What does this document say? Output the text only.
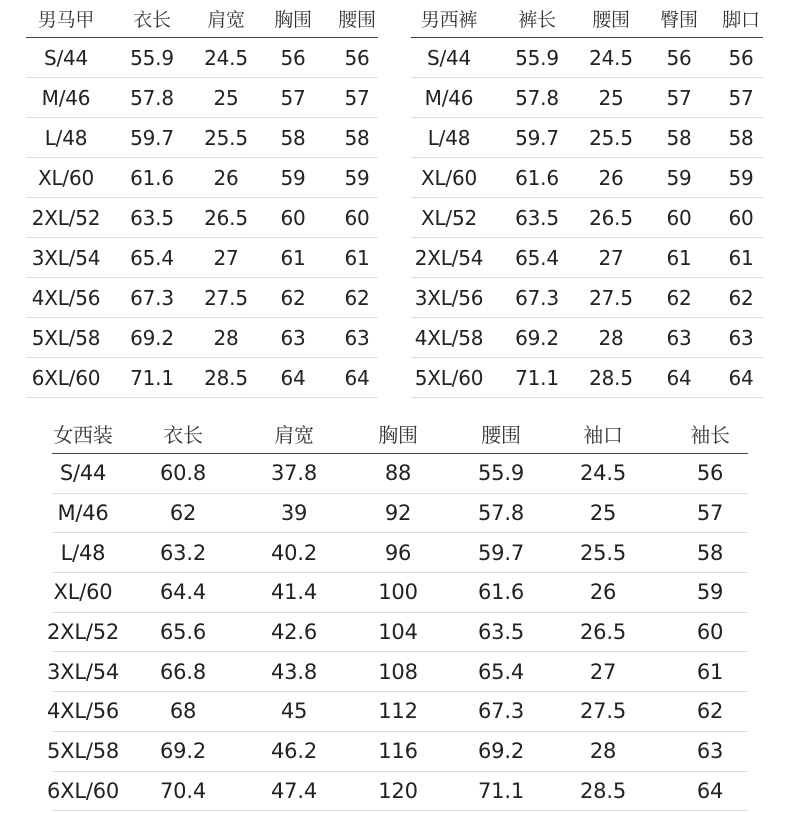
男马甲	衣长	肩宽	胸围	腰围
S/44	55.9	24.5	56	56
M/46	57.8	25	57	57
L/48	59.7	25.5	58	58
XL/60	61.6	26	59	59
2XL/52	63.5	26.5	60	60
3XL/54	65.4	27	61	61
4XL/56	67.3	27.5	62	62
5XL/58	69.2	28	63	63
6XL/60	71.1	28.5	64	64
男西裤	裤长	腰围	臀围	脚口
S/44	55.9	24.5	56	56
M/46	57.8	25	57	57
L/48	59.7	25.5	58	58
XL/60	61.6	26	59	59
XL/52	63.5	26.5	60	60
2XL/54	65.4	27	61	61
3XL/56	67.3	27.5	62	62
4XL/58	69.2	28	63	63
5XL/60	71.1	28.5	64	64
女西装	衣长	肩宽	胸围	腰围	袖口	袖长
S/44	60.8	37.8	88	55.9	24.5	56
M/46	62	39	92	57.8	25	57
L/48	63.2	40.2	96	59.7	25.5	58
XL/60	64.4	41.4	100	61.6	26	59
2XL/52	65.6	42.6	104	63.5	26.5	60
3XL/54	66.8	43.8	108	65.4	27	61
4XL/56	68	45	112	67.3	27.5	62
5XL/58	69.2	46.2	116	69.2	28	63
6XL/60	70.4	47.4	120	71.1	28.5	64
